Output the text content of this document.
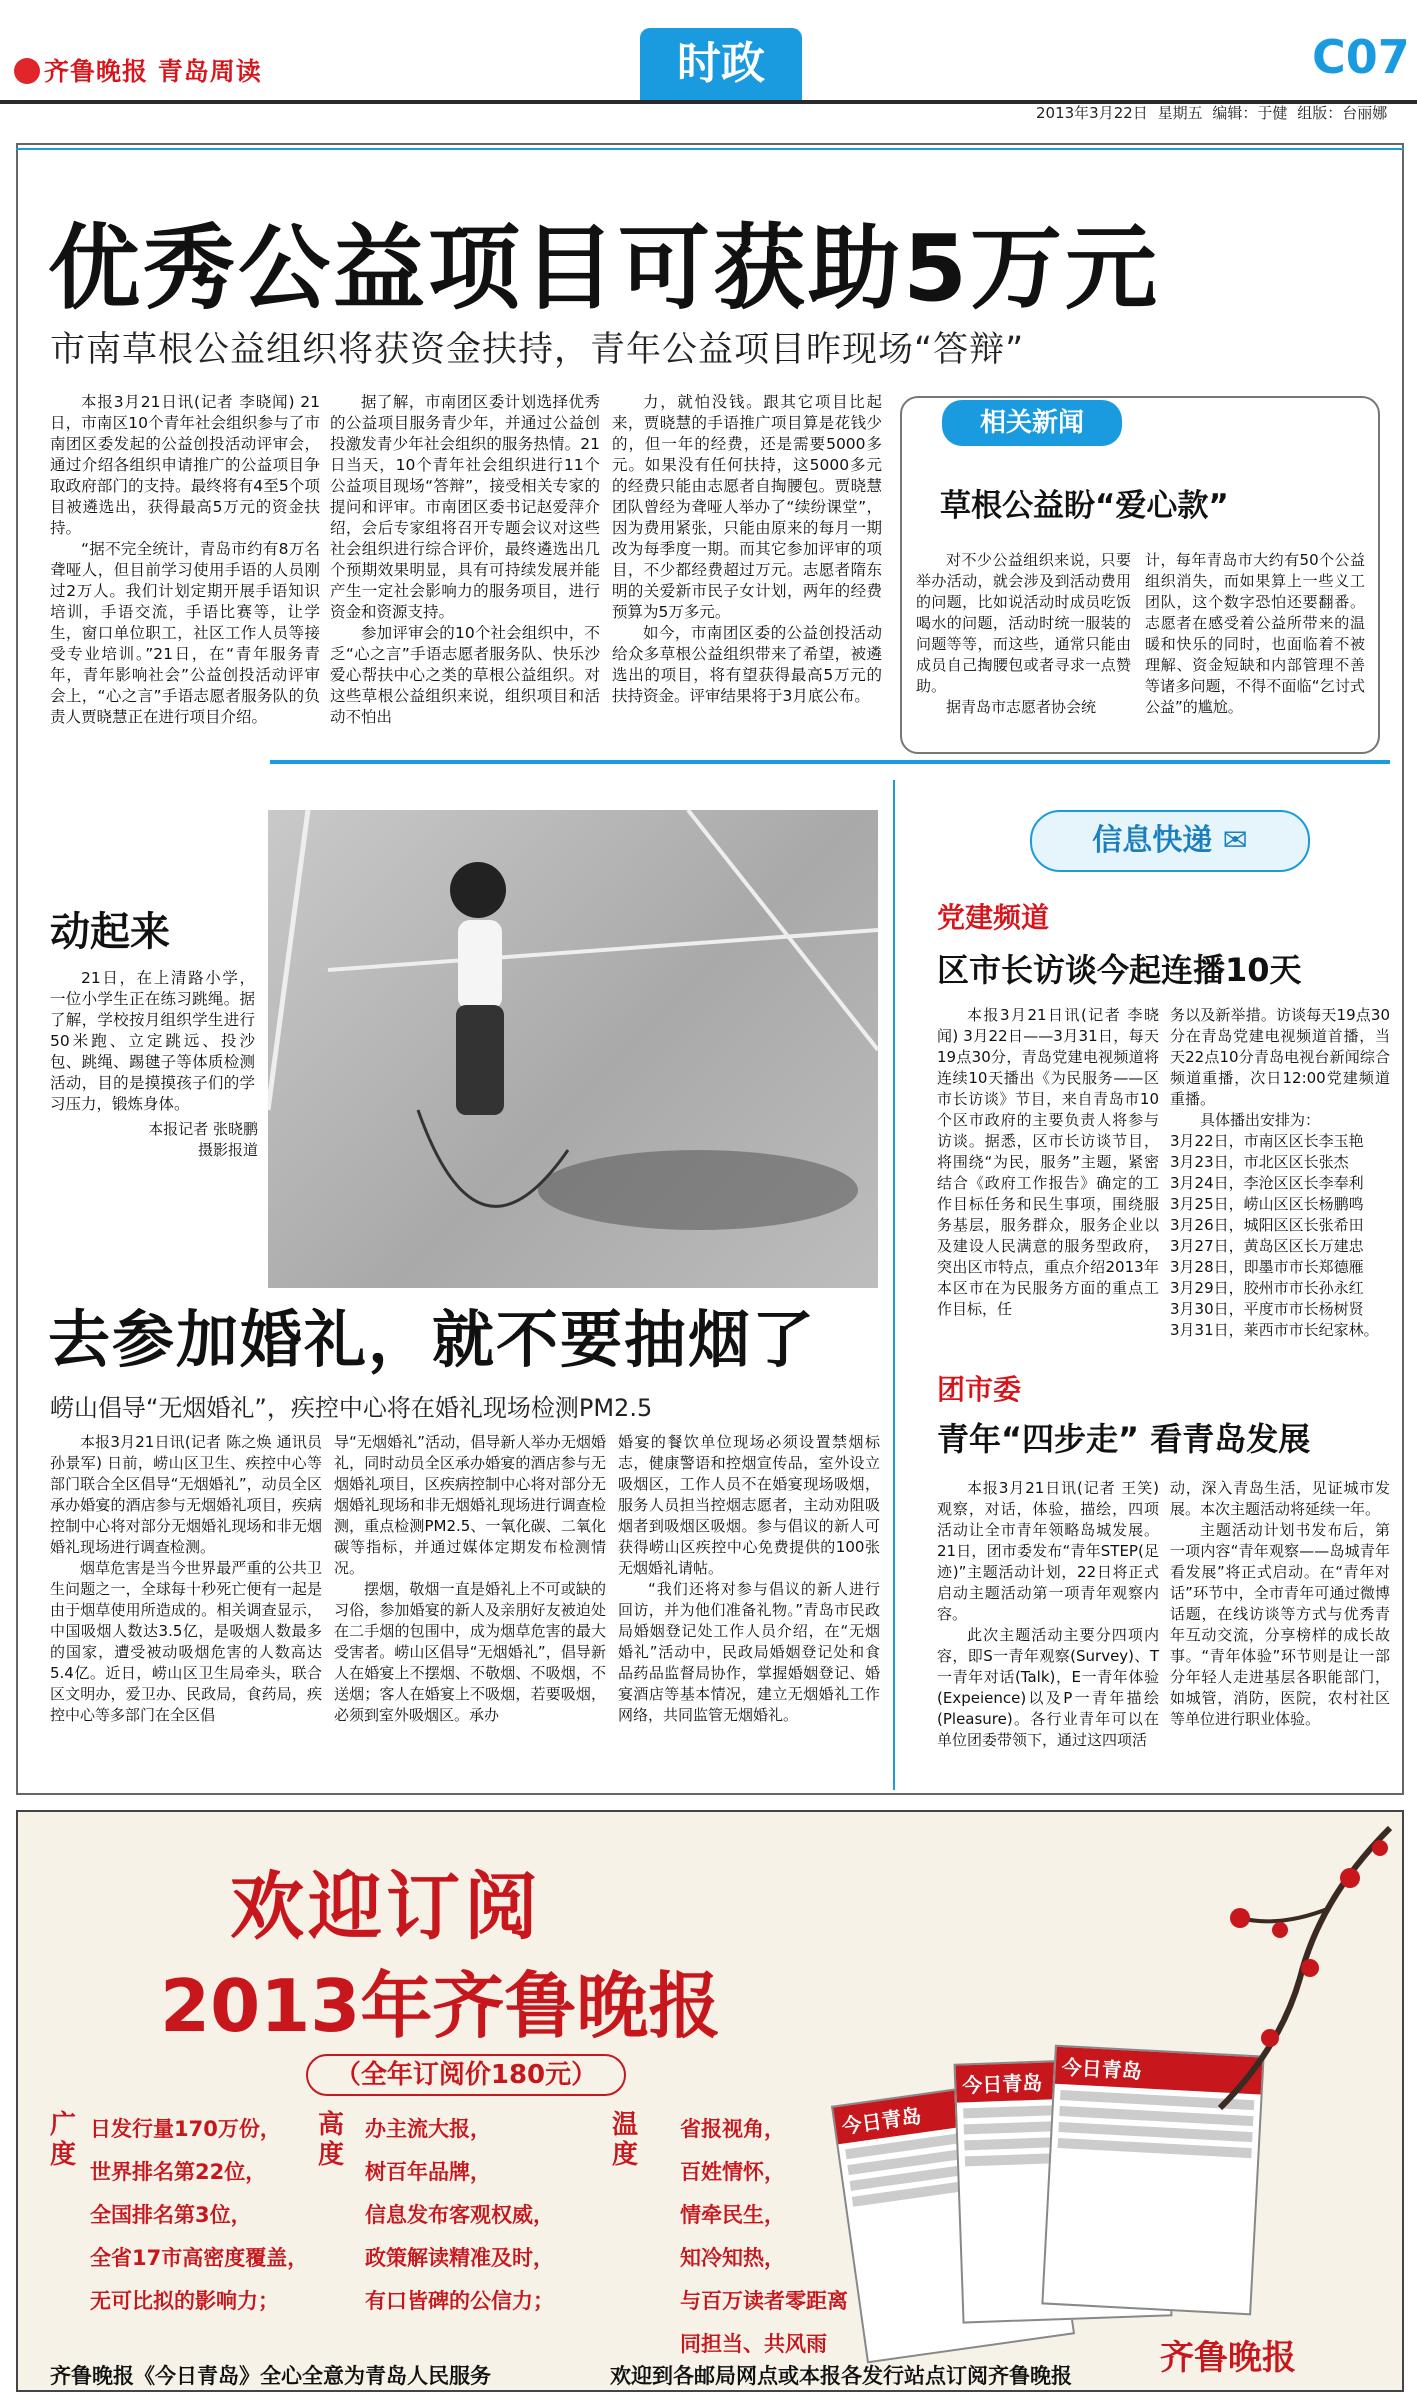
齐鲁晚报 青岛周读	时政	C07
2013年3月22日 星期五 编辑：于健 组版：台丽娜
优秀公益项目可获助5万元
市南草根公益组织将获资金扶持，青年公益项目昨现场“答辩”

本报3月21日讯(记者 李晓闻) 21日，市南区10个青年社会组织参与了市南团区委发起的公益创投活动评审会，通过介绍各组织申请推广的公益项目争取政府部门的支持。最终将有4至5个项目被遴选出，获得最高5万元的资金扶持。

“据不完全统计，青岛市约有8万名聋哑人，但目前学习使用手语的人员刚过2万人。我们计划定期开展手语知识培训，手语交流，手语比赛等，让学生，窗口单位职工，社区工作人员等接受专业培训。”21日，在“青年服务青年，青年影响社会”公益创投活动评审会上，“心之言”手语志愿者服务队的负责人贾晓慧正在进行项目介绍。

据了解，市南团区委计划选择优秀的公益项目服务青少年，并通过公益创投激发青少年社会组织的服务热情。21日当天，10个青年社会组织进行11个公益项目现场“答辩”，接受相关专家的提问和评审。市南团区委书记赵爱萍介绍，会后专家组将召开专题会议对这些社会组织进行综合评价，最终遴选出几个预期效果明显，具有可持续发展并能产生一定社会影响力的服务项目，进行资金和资源支持。

参加评审会的10个社会组织中，不乏“心之言”手语志愿者服务队、快乐沙爱心帮扶中心之类的草根公益组织。对这些草根公益组织来说，组织项目和活动不怕出

力，就怕没钱。跟其它项目比起来，贾晓慧的手语推广项目算是花钱少的，但一年的经费，还是需要5000多元。如果没有任何扶持，这5000多元的经费只能由志愿者自掏腰包。贾晓慧团队曾经为聋哑人举办了“续纷课堂”，因为费用紧张，只能由原来的每月一期改为每季度一期。而其它参加评审的项目，不少都经费超过万元。志愿者隋东明的关爱新市民子女计划，两年的经费预算为5万多元。

如今，市南团区委的公益创投活动给众多草根公益组织带来了希望，被遴选出的项目，将有望获得最高5万元的扶持资金。评审结果将于3月底公布。

相关新闻
草根公益盼“爱心款”

对不少公益组织来说，只要举办活动，就会涉及到活动费用的问题，比如说活动时成员吃饭喝水的问题，活动时统一服装的问题等等，而这些，通常只能由成员自己掏腰包或者寻求一点赞助。

据青岛市志愿者协会统

计，每年青岛市大约有50个公益组织消失，而如果算上一些义工团队，这个数字恐怕还要翻番。志愿者在感受着公益所带来的温暖和快乐的同时，也面临着不被理解、资金短缺和内部管理不善等诸多问题，不得不面临“乞讨式公益”的尴尬。

动起来

21日，在上清路小学，一位小学生正在练习跳绳。据了解，学校按月组织学生进行50米跑、立定跳远、投沙包、跳绳、踢毽子等体质检测活动，目的是摸摸孩子们的学习压力，锻炼身体。

本报记者 张晓鹏
摄影报道
去参加婚礼，就不要抽烟了
崂山倡导“无烟婚礼”，疾控中心将在婚礼现场检测PM2.5

本报3月21日讯(记者 陈之焕 通讯员 孙景军) 日前，崂山区卫生、疾控中心等部门联合全区倡导“无烟婚礼”，动员全区承办婚宴的酒店参与无烟婚礼项目，疾病控制中心将对部分无烟婚礼现场和非无烟婚礼现场进行调查检测。

烟草危害是当今世界最严重的公共卫生问题之一，全球每十秒死亡便有一起是由于烟草使用所造成的。相关调查显示，中国吸烟人数达3.5亿，是吸烟人数最多的国家，遭受被动吸烟危害的人数高达5.4亿。近日，崂山区卫生局牵头，联合区文明办，爱卫办、民政局，食药局，疾控中心等多部门在全区倡

导“无烟婚礼”活动，倡导新人举办无烟婚礼，同时动员全区承办婚宴的酒店参与无烟婚礼项目，区疾病控制中心将对部分无烟婚礼现场和非无烟婚礼现场进行调查检测，重点检测PM2.5、一氧化碳、二氧化碳等指标，并通过媒体定期发布检测情况。

摆烟，敬烟一直是婚礼上不可或缺的习俗，参加婚宴的新人及亲朋好友被迫处在二手烟的包围中，成为烟草危害的最大受害者。崂山区倡导“无烟婚礼”，倡导新人在婚宴上不摆烟、不敬烟、不吸烟，不送烟；客人在婚宴上不吸烟，若要吸烟，必须到室外吸烟区。承办

婚宴的餐饮单位现场必须设置禁烟标志，健康警语和控烟宣传品，室外设立吸烟区，工作人员不在婚宴现场吸烟，服务人员担当控烟志愿者，主动劝阻吸烟者到吸烟区吸烟。参与倡议的新人可获得崂山区疾控中心免费提供的100张无烟婚礼请帖。

“我们还将对参与倡议的新人进行回访，并为他们准备礼物。”青岛市民政局婚姻登记处工作人员介绍，在“无烟婚礼”活动中，民政局婚姻登记处和食品药品监督局协作，掌握婚姻登记、婚宴酒店等基本情况，建立无烟婚礼工作网络，共同监管无烟婚礼。

信息快递 ✉
党建频道
区市长访谈今起连播10天

本报3月21日讯(记者 李晓闻) 3月22日——3月31日，每天19点30分，青岛党建电视频道将连续10天播出《为民服务——区市长访谈》节目，来自青岛市10个区市政府的主要负责人将参与访谈。据悉，区市长访谈节目，将围绕“为民，服务”主题，紧密结合《政府工作报告》确定的工作目标任务和民生事项，围绕服务基层，服务群众，服务企业以及建设人民满意的服务型政府，突出区市特点，重点介绍2013年本区市在为民服务方面的重点工作目标，任

务以及新举措。访谈每天19点30分在青岛党建电视频道首播，当天22点10分青岛电视台新闻综合频道重播，次日12:00党建频道重播。

具体播出安排为：

3月22日，市南区区长李玉艳
3月23日，市北区区长张杰
3月24日，李沧区区长李奉利
3月25日，崂山区区长杨鹏鸣
3月26日，城阳区区长张希田
3月27日，黄岛区区长万建忠
3月28日，即墨市市长郑德雁
3月29日，胶州市市长孙永红
3月30日，平度市市长杨树贤
3月31日，莱西市市长纪家林。
团市委
青年“四步走” 看青岛发展

本报3月21日讯(记者 王笑) 观察，对话，体验，描绘，四项活动让全市青年领略岛城发展。21日，团市委发布“青年STEP(足迹)”主题活动计划，22日将正式启动主题活动第一项青年观察内容。

此次主题活动主要分四项内容，即S一青年观察(Survey)、T一青年对话(Talk)，E一青年体验(Expeience)以及P一青年描绘(Pleasure)。各行业青年可以在单位团委带领下，通过这四项活

动，深入青岛生活，见证城市发展。本次主题活动将延续一年。

主题活动计划书发布后，第一项内容“青年观察——岛城青年看发展”将正式启动。在“青年对话”环节中，全市青年可通过微博话题，在线访谈等方式与优秀青年互动交流，分享榜样的成长故事。“青年体验”环节则是让一部分年轻人走进基层各职能部门，如城管，消防，医院，农村社区等单位进行职业体验。

欢迎订阅
2013年齐鲁晚报
（全年订阅价180元）
广度
日发行量170万份，
世界排名第22位，
全国排名第3位，
全省17市高密度覆盖，
无可比拟的影响力；
高度
办主流大报，
树百年品牌，
信息发布客观权威，
政策解读精准及时，
有口皆碑的公信力；
温度
省报视角，
百姓情怀，
情牵民生，
知冷知热，
与百万读者零距离
同担当、共风雨
今日青岛
今日青岛
今日青岛
齐鲁晚报
齐鲁晚报《今日青岛》全心全意为青岛人民服务	欢迎到各邮局网点或本报各发行站点订阅齐鲁晚报
